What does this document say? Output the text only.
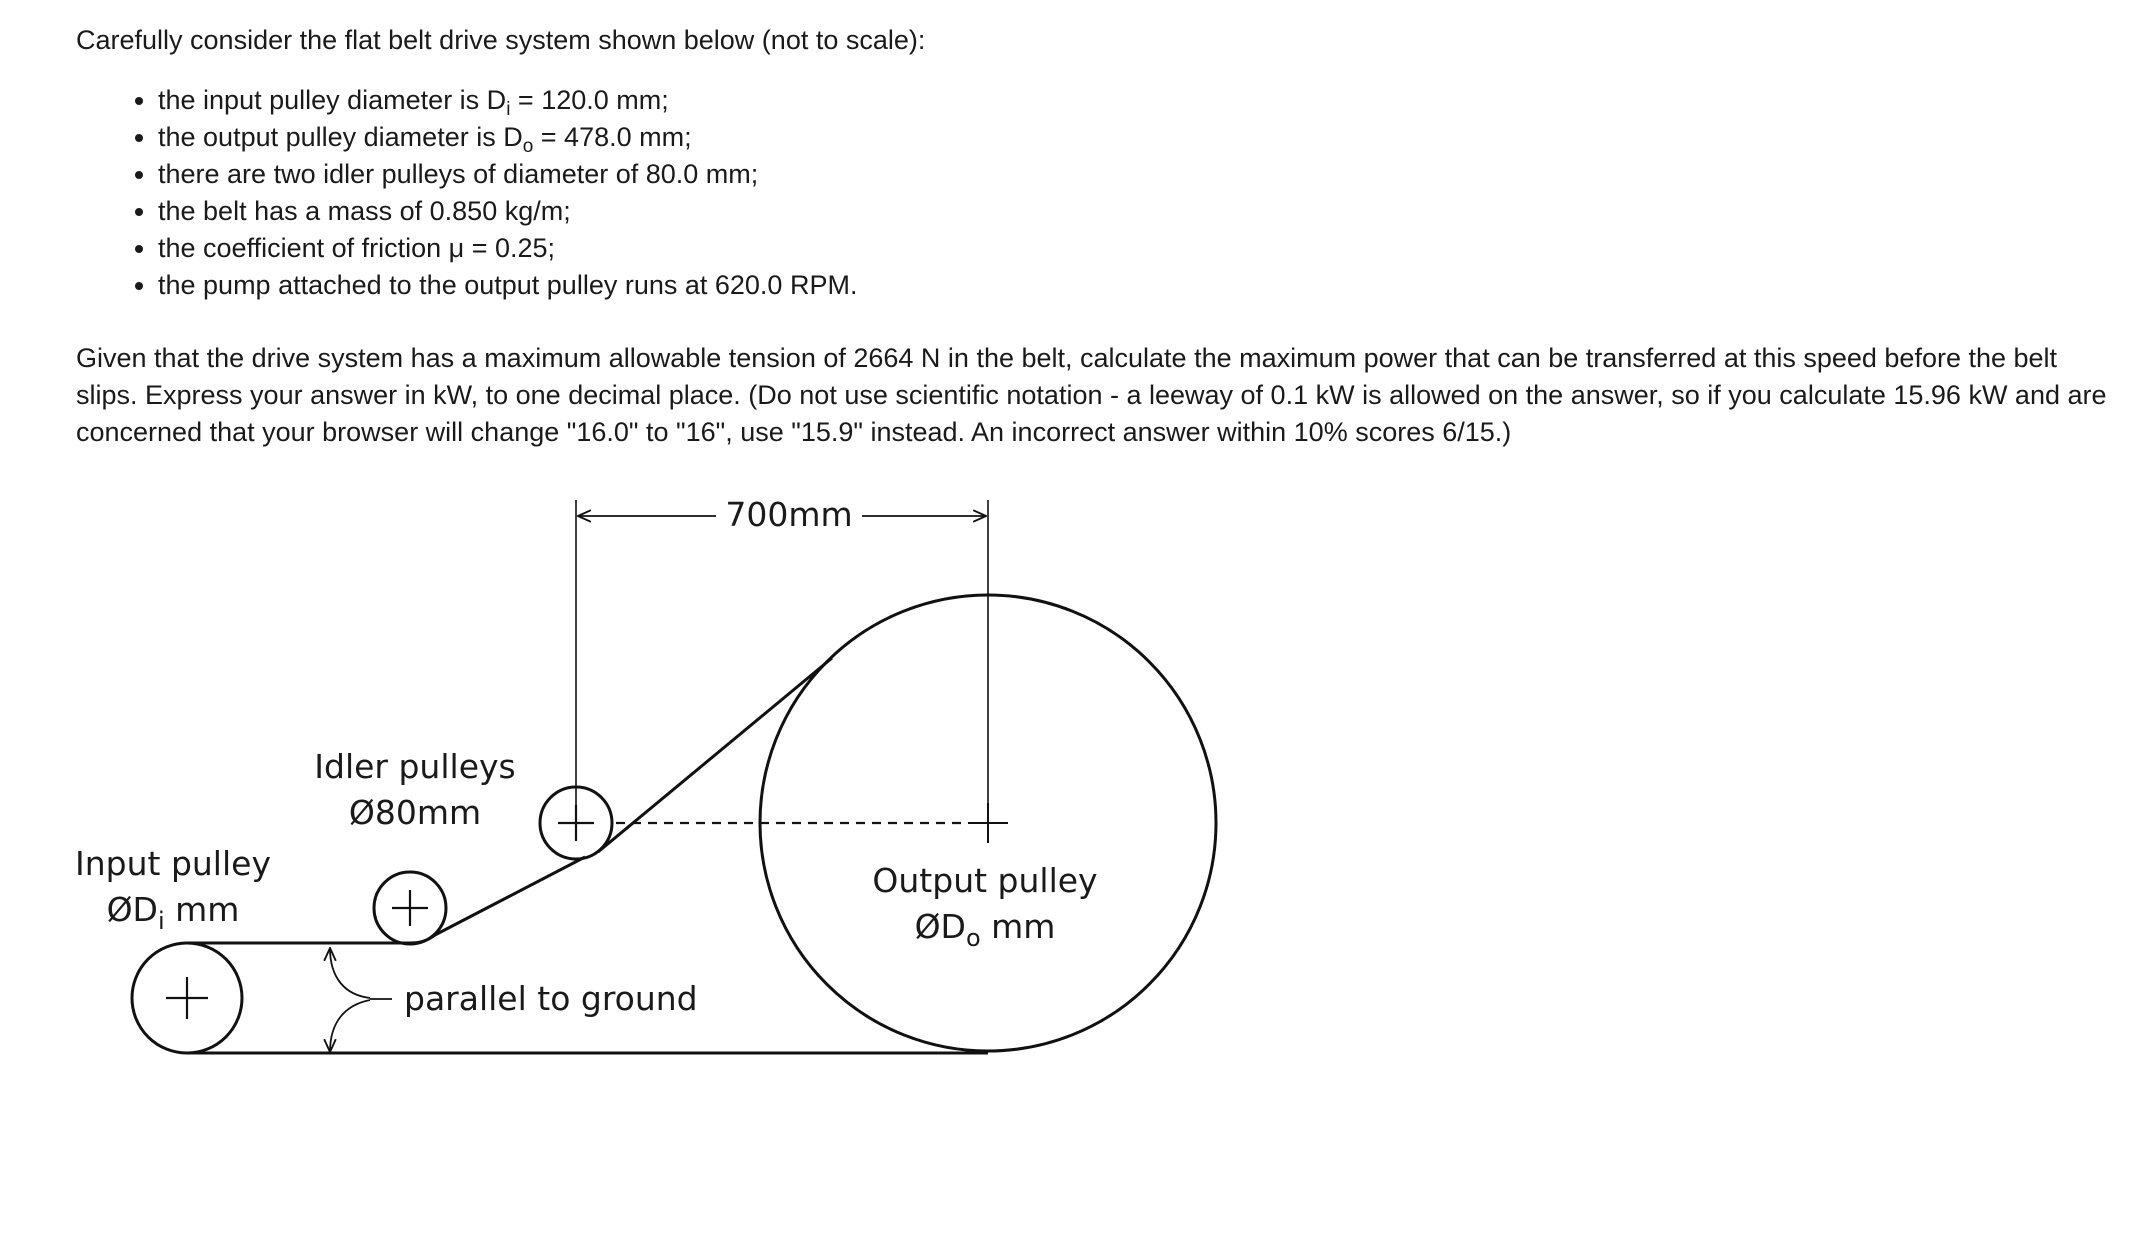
Carefully consider the flat belt drive system shown below (not to scale):

• the input pulley diameter is $D_i = 120.0$ mm;
• the output pulley diameter is $D_o = 478.0$ mm;
• there are two idler pulleys of diameter of 80.0 mm;
• the belt has a mass of 0.850 kg/m;
• the coefficient of friction μ = 0.25;
• the pump attached to the output pulley runs at 620.0 RPM.

Given that the drive system has a maximum allowable tension of 2664 N in the belt, calculate the maximum power that can be transferred at this speed before the belt slips. Express your answer in kW, to one decimal place. (Do not use scientific notation - a leeway of 0.1 kW is allowed on the answer, so if you calculate 15.96 kW and are concerned that your browser will change "16.0" to "16", use "15.9" instead. An incorrect answer within 10% scores 6/15.)

700mm
Idler pulleys
Ø80mm
Input pulley
$ØD_i$ mm
Output pulley
$ØD_o$ mm
parallel to ground
